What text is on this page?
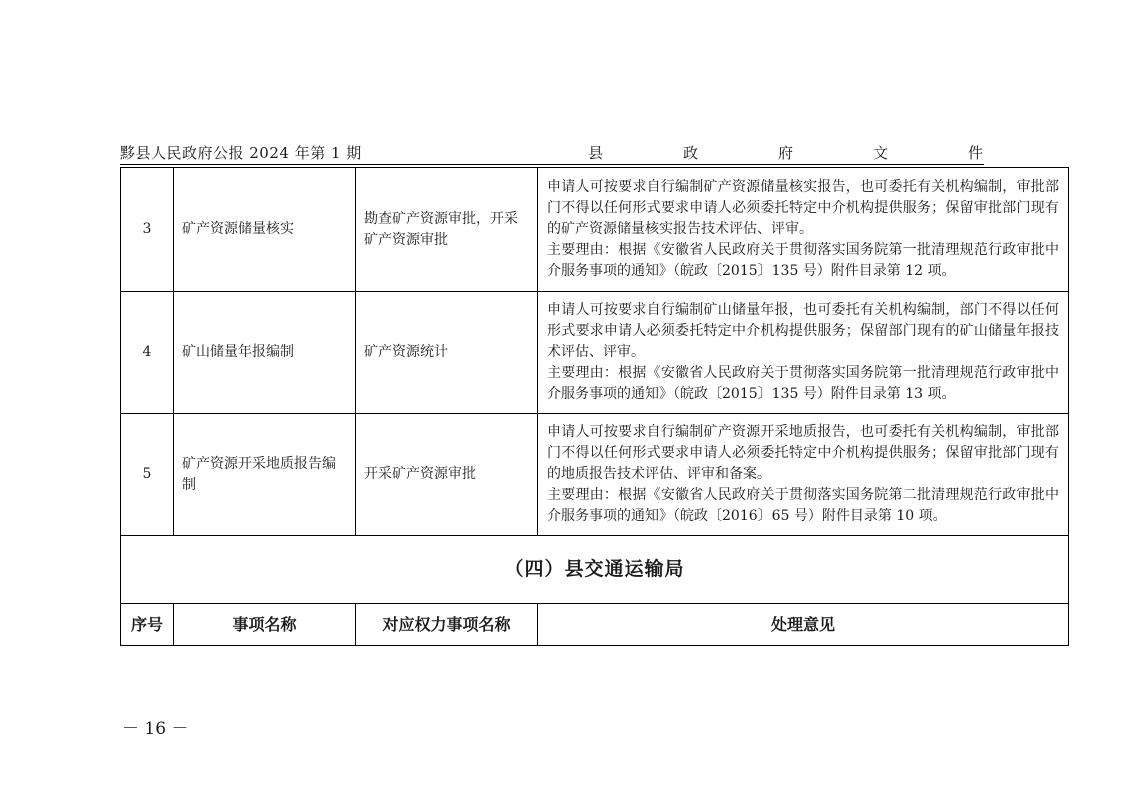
黟县人民政府公报 2024 年第 1 期	县	政	府	文	件
3	矿产资源储量核实	勘查矿产资源审批，开采矿产资源审批	申请人可按要求自行编制矿产资源储量核实报告，也可委托有关机构编制，审批部门不得以任何形式要求申请人必须委托特定中介机构提供服务；保留审批部门现有的矿产资源储量核实报告技术评估、评审。

主要理由：根据《安徽省人民政府关于贯彻落实国务院第一批清理规范行政审批中介服务事项的通知》（皖政〔2015〕135 号）附件目录第 12 项。

4	矿山储量年报编制	矿产资源统计	申请人可按要求自行编制矿山储量年报，也可委托有关机构编制，部门不得以任何形式要求申请人必须委托特定中介机构提供服务；保留部门现有的矿山储量年报技术评估、评审。

主要理由：根据《安徽省人民政府关于贯彻落实国务院第一批清理规范行政审批中介服务事项的通知》（皖政〔2015〕135 号）附件目录第 13 项。

5	矿产资源开采地质报告编制	开采矿产资源审批	申请人可按要求自行编制矿产资源开采地质报告，也可委托有关机构编制，审批部门不得以任何形式要求申请人必须委托特定中介机构提供服务；保留审批部门现有的地质报告技术评估、评审和备案。

主要理由：根据《安徽省人民政府关于贯彻落实国务院第二批清理规范行政审批中介服务事项的通知》（皖政〔2016〕65 号）附件目录第 10 项。

（四）县交通运输局			
序号	事项名称	对应权力事项名称	处理意见
－ 16 －
